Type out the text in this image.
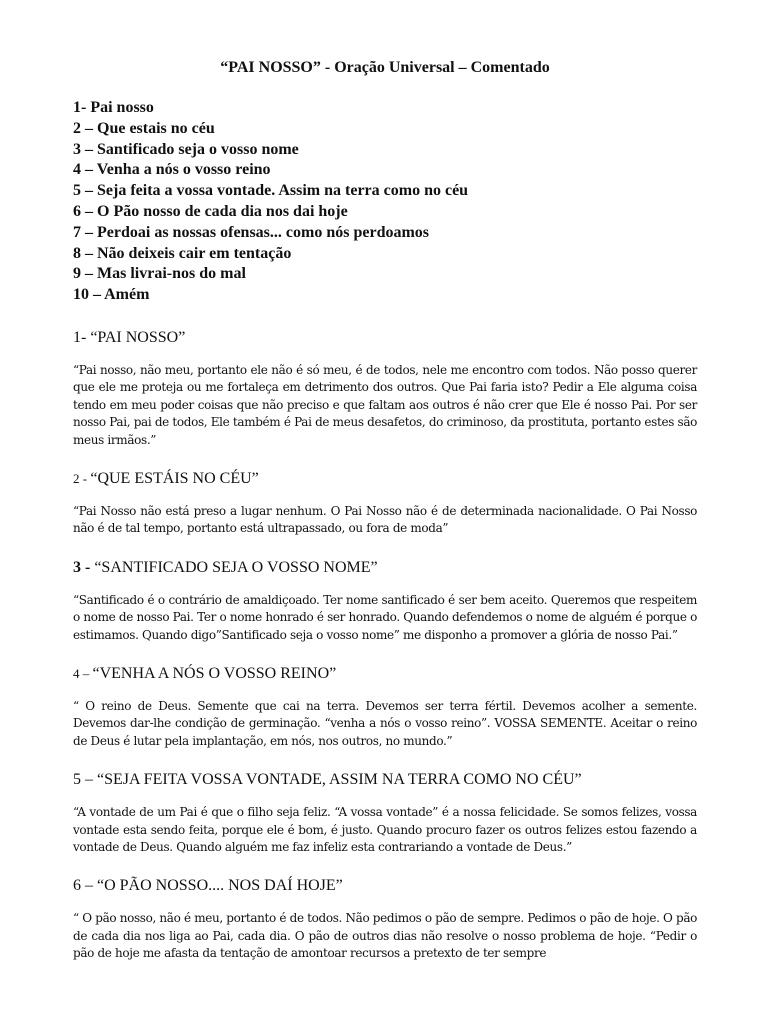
“PAI NOSSO” - Oração Universal – Comentado
1- Pai nosso
2 – Que estais no céu
3 – Santificado seja o vosso nome
4 – Venha a nós o vosso reino
5 – Seja feita a vossa vontade. Assim na terra como no céu
6 – O Pão nosso de cada dia nos dai hoje
7 – Perdoai as nossas ofensas... como nós perdoamos
8 – Não deixeis cair em tentação
9 – Mas livrai-nos do mal
10 – Amém
1- “PAI NOSSO”

“Pai nosso, não meu, portanto ele não é só meu, é de todos, nele me encontro com todos. Não posso querer que ele me proteja ou me fortaleça em detrimento dos outros. Que Pai faria isto? Pedir a Ele alguma coisa tendo em meu poder coisas que não preciso e que faltam aos outros é não crer que Ele é nosso Pai. Por ser nosso Pai, pai de todos, Ele também é Pai de meus desafetos, do criminoso, da prostituta, portanto estes são meus irmãos.”

2 - “QUE ESTÁIS NO CÉU”

“Pai Nosso não está preso a lugar nenhum. O Pai Nosso não é de determinada nacionalidade. O Pai Nosso não é de tal tempo, portanto está ultrapassado, ou fora de moda”

3 - “SANTIFICADO SEJA O VOSSO NOME”

“Santificado é o contrário de amaldiçoado. Ter nome santificado é ser bem aceito. Queremos que respeitem o nome de nosso Pai. Ter o nome honrado é ser honrado. Quando defendemos o nome de alguém é porque o estimamos. Quando digo”Santificado seja o vosso nome” me disponho a promover a glória de nosso Pai.”

4 – “VENHA A NÓS O VOSSO REINO”

“ O reino de Deus. Semente que cai na terra. Devemos ser terra fértil. Devemos acolher a semente. Devemos dar-lhe condição de germinação. “venha a nós o vosso reino”. VOSSA SEMENTE. Aceitar o reino de Deus é lutar pela implantação, em nós, nos outros, no mundo.”

5 – “SEJA FEITA VOSSA VONTADE, ASSIM NA TERRA COMO NO CÉU”

“A vontade de um Pai é que o filho seja feliz. “A vossa vontade” é a nossa felicidade. Se somos felizes, vossa vontade esta sendo feita, porque ele é bom, é justo. Quando procuro fazer os outros felizes estou fazendo a vontade de Deus. Quando alguém me faz infeliz esta contrariando a vontade de Deus.”

6 – “O PÃO NOSSO.... NOS DAÍ HOJE”

“ O pão nosso, não é meu, portanto é de todos. Não pedimos o pão de sempre. Pedimos o pão de hoje. O pão de cada dia nos liga ao Pai, cada dia. O pão de outros dias não resolve o nosso problema de hoje. “Pedir o pão de hoje me afasta da tentação de amontoar recursos a pretexto de ter sempre
